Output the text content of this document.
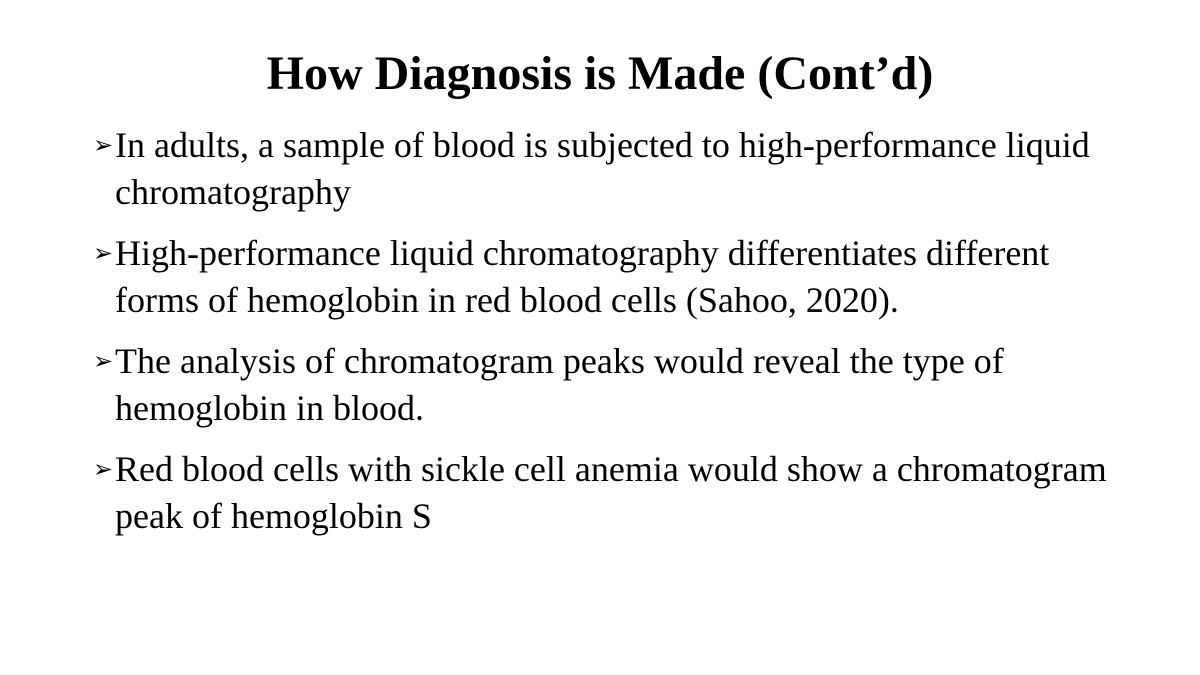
How Diagnosis is Made (Cont’d)
➢ In adults, a sample of blood is subjected to high-performance liquid chromatography
➢ High-performance liquid chromatography differentiates different forms of hemoglobin in red blood cells (Sahoo, 2020).
➢ The analysis of chromatogram peaks would reveal the type of hemoglobin in blood.
➢ Red blood cells with sickle cell anemia would show a chromatogram peak of hemoglobin S
